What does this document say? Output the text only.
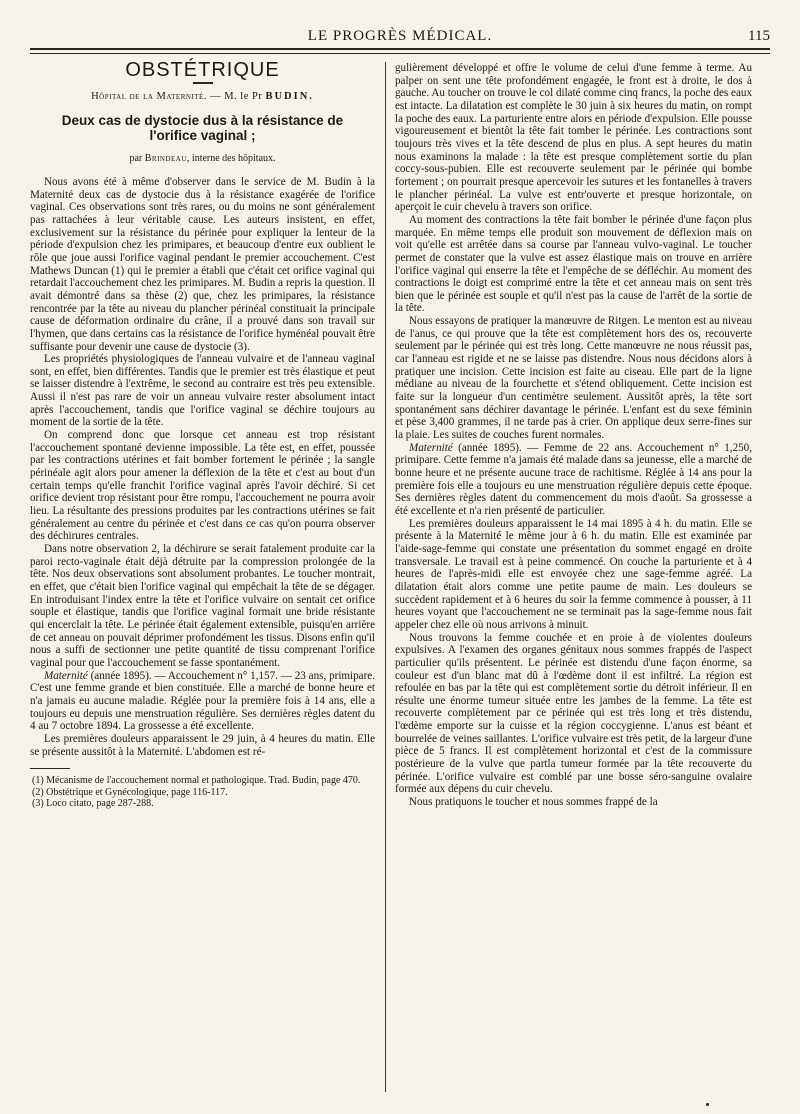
LE PROGRÈS MÉDICAL.	115
OBSTÉTRIQUE
Hôpital de la Maternité. — M. le Pr BUDIN.
Deux cas de dystocie dus à la résistance de l'orifice vaginal ;
par Brindeau, interne des hôpitaux.

Nous avons été à même d'observer dans le service de M. Budin à la Maternité deux cas de dystocie dus à la résistance exagérée de l'orifice vaginal. Ces observations sont très rares, ou du moins ne sont généralement pas rattachées à leur véritable cause. Les auteurs insistent, en effet, exclusivement sur la résistance du périnée pour expliquer la lenteur de la période d'expulsion chez les primipares, et beaucoup d'entre eux oublient le rôle que joue aussi l'orifice vaginal pendant le premier accouchement. C'est Mathews Duncan (1) qui le premier a établi que c'était cet orifice vaginal qui retardait l'accouchement chez les primipares. M. Budin a repris la question. Il avait démontré dans sa thèse (2) que, chez les primipares, la résistance rencontrée par la tête au niveau du plancher périnéal constituait la principale cause de déformation ordinaire du crâne, il a prouvé dans son travail sur l'hymen, que dans certains cas la résistance de l'orifice hyménéal pouvait être suffisante pour devenir une cause de dystocie (3).

Les propriétés physiologiques de l'anneau vulvaire et de l'anneau vaginal sont, en effet, bien différentes. Tandis que le premier est très élastique et peut se laisser distendre à l'extrême, le second au contraire est très peu extensible. Aussi il n'est pas rare de voir un anneau vulvaire rester absolument intact après l'accouchement, tandis que l'orifice vaginal se déchire toujours au moment de la sortie de la tête.

On comprend donc que lorsque cet anneau est trop résistant l'accouchement spontané devienne impossible. La tête est, en effet, poussée par les contractions utérines et fait bomber fortement le périnée ; la sangle périnéale agit alors pour amener la déflexion de la tête et c'est au bout d'un certain temps qu'elle franchit l'orifice vaginal après l'avoir déchiré. Si cet orifice devient trop résistant pour être rompu, l'accouchement ne pourra avoir lieu. La résultante des pressions produites par les contractions utérines se fait généralement au centre du périnée et c'est dans ce cas qu'on pourra observer des déchirures centrales.

Dans notre observation 2, la déchirure se serait fatalement produite car la paroi recto-vaginale était déjà détruite par la compression prolongée de la tête. Nos deux observations sont absolument probantes. Le toucher montrait, en effet, que c'était bien l'orifice vaginal qui empêchait la tête de se dégager. En introduisant l'index entre la tête et l'orifice vulvaire on sentait cet orifice souple et élastique, tandis que l'orifice vaginal formait une bride résistante qui encerclait la tête. Le périnée était également extensible, puisqu'en arrière de cet anneau on pouvait déprimer profondément les tissus. Disons enfin qu'il nous a suffi de sectionner une petite quantité de tissu comprenant l'orifice vaginal pour que l'accouchement se fasse spontanément.

Maternité (année 1895). — Accouchement n° 1,157. — 23 ans, primipare. C'est une femme grande et bien constituée. Elle a marché de bonne heure et n'a jamais eu aucune maladie. Réglée pour la première fois à 14 ans, elle a toujours eu depuis une menstruation régulière. Ses dernières règles datent du 4 au 7 octobre 1894. La grossesse a été excellente.

Les premières douleurs apparaissent le 29 juin, à 4 heures du matin. Elle se présente aussitôt à la Maternité. L'abdomen est ré-

(1) Mécanisme de l'accouchement normal et pathologique. Trad. Budin, page 470.
(2) Obstétrique et Gynécologique, page 116-117.
(3) Loco citato, page 287-288.

gulièrement développé et offre le volume de celui d'une femme à terme. Au palper on sent une tête profondément engagée, le front est à droite, le dos à gauche. Au toucher on trouve le col dilaté comme cinq francs, la poche des eaux est intacte. La dilatation est complète le 30 juin à six heures du matin, on rompt la poche des eaux. La parturiente entre alors en période d'expulsion. Elle pousse vigoureusement et bientôt la tête fait tomber le périnée. Les contractions sont toujours très vives et la tête descend de plus en plus. A sept heures du matin nous examinons la malade : la tête est presque complètement sortie du plan coccy-sous-pubien. Elle est recouverte seulement par le périnée qui bombe fortement ; on pourrait presque apercevoir les sutures et les fontanelles à travers le plancher périnéal. La vulve est entr'ouverte et presque horizontale, on aperçoit le cuir chevelu à travers son orifice.

Au moment des contractions la tête fait bomber le périnée d'une façon plus marquée. En même temps elle produit son mouvement de déflexion mais on voit qu'elle est arrêtée dans sa course par l'anneau vulvo-vaginal. Le toucher permet de constater que la vulve est assez élastique mais on trouve en arrière l'orifice vaginal qui enserre la tête et l'empêche de se défléchir. Au moment des contractions le doigt est comprimé entre la tête et cet anneau mais on sent très bien que le périnée est souple et qu'il n'est pas la cause de l'arrêt de la sortie de la tête.

Nous essayons de pratiquer la manœuvre de Ritgen. Le menton est au niveau de l'anus, ce qui prouve que la tête est complètement hors des os, recouverte seulement par le périnée qui est très long. Cette manœuvre ne nous réussit pas, car l'anneau est rigide et ne se laisse pas distendre. Nous nous décidons alors à pratiquer une incision. Cette incision est faite au ciseau. Elle part de la ligne médiane au niveau de la fourchette et s'étend obliquement. Cette incision est faite sur la longueur d'un centimètre seulement. Aussitôt après, la tête sort spontanément sans déchirer davantage le périnée. L'enfant est du sexe féminin et pèse 3,400 grammes, il ne tarde pas à crier. On applique deux serre-fines sur la plaie. Les suites de couches furent normales.

Maternité (année 1895). — Femme de 22 ans. Accouchement n° 1,250, primipare. Cette femme n'a jamais été malade dans sa jeunesse, elle a marché de bonne heure et ne présente aucune trace de rachitisme. Réglée à 14 ans pour la première fois elle a toujours eu une menstruation régulière depuis cette époque. Ses dernières règles datent du commencement du mois d'août. Sa grossesse a été excellente et n'a rien présenté de particulier.

Les premières douleurs apparaissent le 14 mai 1895 à 4 h. du matin. Elle se présente à la Maternité le même jour à 6 h. du matin. Elle est examinée par l'aide-sage-femme qui constate une présentation du sommet engagé en droite transversale. Le travail est à peine commencé. On couche la parturiente et à 4 heures de l'après-midi elle est envoyée chez une sage-femme agréé. La dilatation était alors comme une petite paume de main. Les douleurs se succèdent rapidement et à 6 heures du soir la femme commence à pousser, à 11 heures voyant que l'accouchement ne se terminait pas la sage-femme nous fait appeler chez elle où nous arrivons à minuit.

Nous trouvons la femme couchée et en proie à de violentes douleurs expulsives. A l'examen des organes génitaux nous sommes frappés de l'aspect particulier qu'ils présentent. Le périnée est distendu d'une façon énorme, sa couleur est d'un blanc mat dû à l'œdème dont il est infiltré. La région est refoulée en bas par la tête qui est complètement sortie du détroit inférieur. Il en résulte une énorme tumeur située entre les jambes de la femme. La tête est recouverte complètement par ce périnée qui est très long et très distendu, l'œdème emporte sur la cuisse et la région coccygienne. L'anus est béant et bourrelée de veines saillantes. L'orifice vulvaire est très petit, de la largeur d'une pièce de 5 francs. Il est complètement horizontal et c'est de la commissure postérieure de la vulve que partla tumeur formée par la tête recouverte du périnée. L'orifice vulvaire est comblé par une bosse séro-sanguine ovalaire formée aux dépens du cuir chevelu.

Nous pratiquons le toucher et nous sommes frappé de la
